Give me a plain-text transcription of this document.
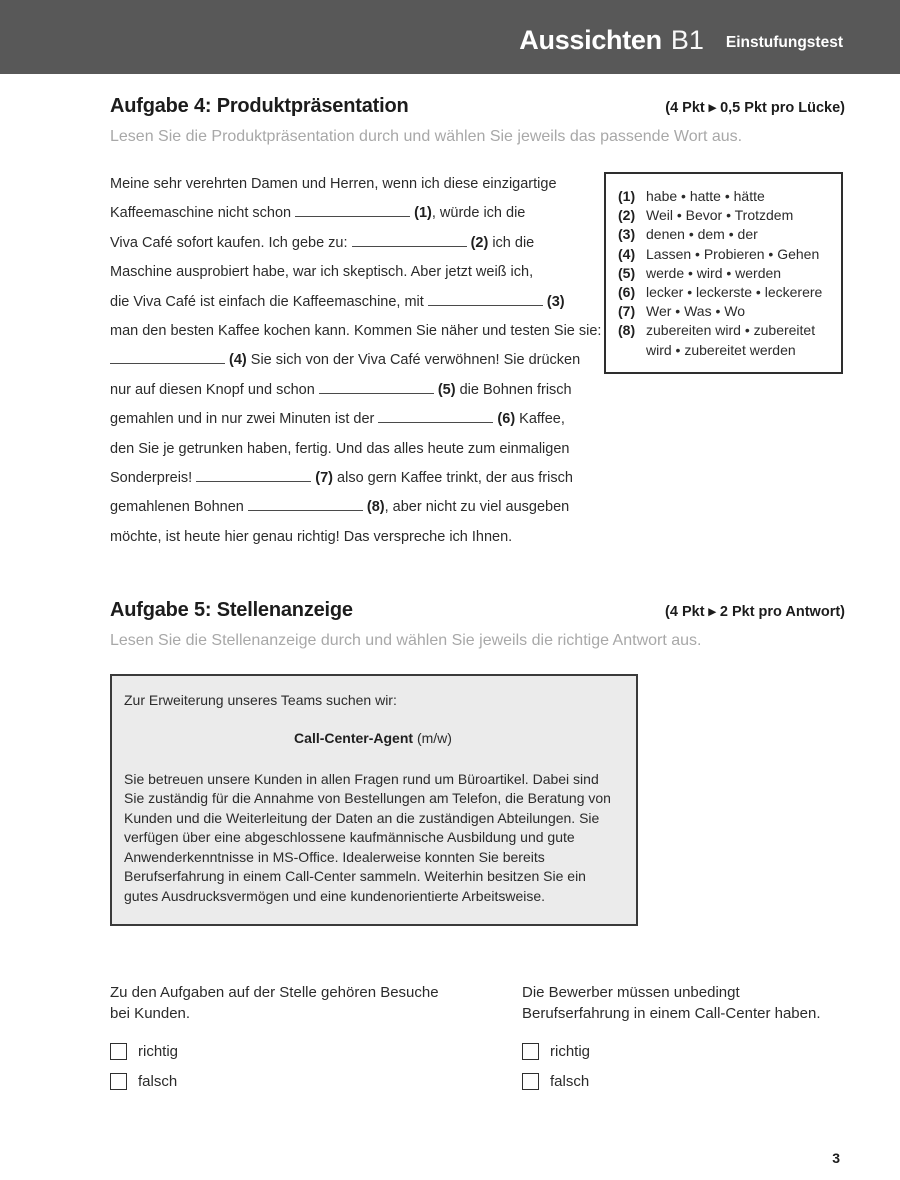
Aussichten B1 Einstufungstest
Aufgabe 4: Produktpräsentation	(4 Pkt ▸ 0,5 Pkt pro Lücke)

Lesen Sie die Produktpräsentation durch und wählen Sie jeweils das passende Wort aus.

Meine sehr verehrten Damen und Herren, wenn ich diese einzigartige
Kaffeemaschine nicht schon	(1), würde ich die
Viva Café sofort kaufen. Ich gebe zu:	(2) ich die
Maschine ausprobiert habe, war ich skeptisch. Aber jetzt weiß ich,
die Viva Café ist einfach die Kaffeemaschine, mit	(3)
man den besten Kaffee kochen kann. Kommen Sie näher und testen Sie sie:
(4) Sie sich von der Viva Café verwöhnen! Sie drücken
nur auf diesen Knopf und schon	(5) die Bohnen frisch
gemahlen und in nur zwei Minuten ist der	(6) Kaffee,
den Sie je getrunken haben, fertig. Und das alles heute zum einmaligen
Sonderpreis!	(7) also gern Kaffee trinkt, der aus frisch
gemahlenen Bohnen	(8), aber nicht zu viel ausgeben
möchte, ist heute hier genau richtig! Das verspreche ich Ihnen.
(1) habe • hatte • hätte
(2) Weil • Bevor • Trotzdem
(3) denen • dem • der
(4) Lassen • Probieren • Gehen
(5) werde • wird • werden
(6) lecker • leckerste • leckerere
(7) Wer • Was • Wo
(8) zubereiten wird • zubereitet wird • zubereitet werden
Aufgabe 5: Stellenanzeige	(4 Pkt ▸ 2 Pkt pro Antwort)

Lesen Sie die Stellenanzeige durch und wählen Sie jeweils die richtige Antwort aus.

Zur Erweiterung unseres Teams suchen wir:

Call-Center-Agent (m/w)

Sie betreuen unsere Kunden in allen Fragen rund um Büroartikel. Dabei sind Sie zuständig für die Annahme von Bestellungen am Telefon, die Beratung von Kunden und die Weiterleitung der Daten an die zuständigen Abteilungen. Sie verfügen über eine abgeschlossene kaufmännische Ausbildung und gute Anwenderkenntnisse in MS-Office. Idealerweise konnten Sie bereits Berufserfahrung in einem Call-Center sammeln. Weiterhin besitzen Sie ein gutes Ausdrucksvermögen und eine kundenorientierte Arbeitsweise.

Zu den Aufgaben auf der Stelle gehören Besuche bei Kunden.

richtig
falsch

Die Bewerber müssen unbedingt Berufserfahrung in einem Call-Center haben.

richtig
falsch
3
